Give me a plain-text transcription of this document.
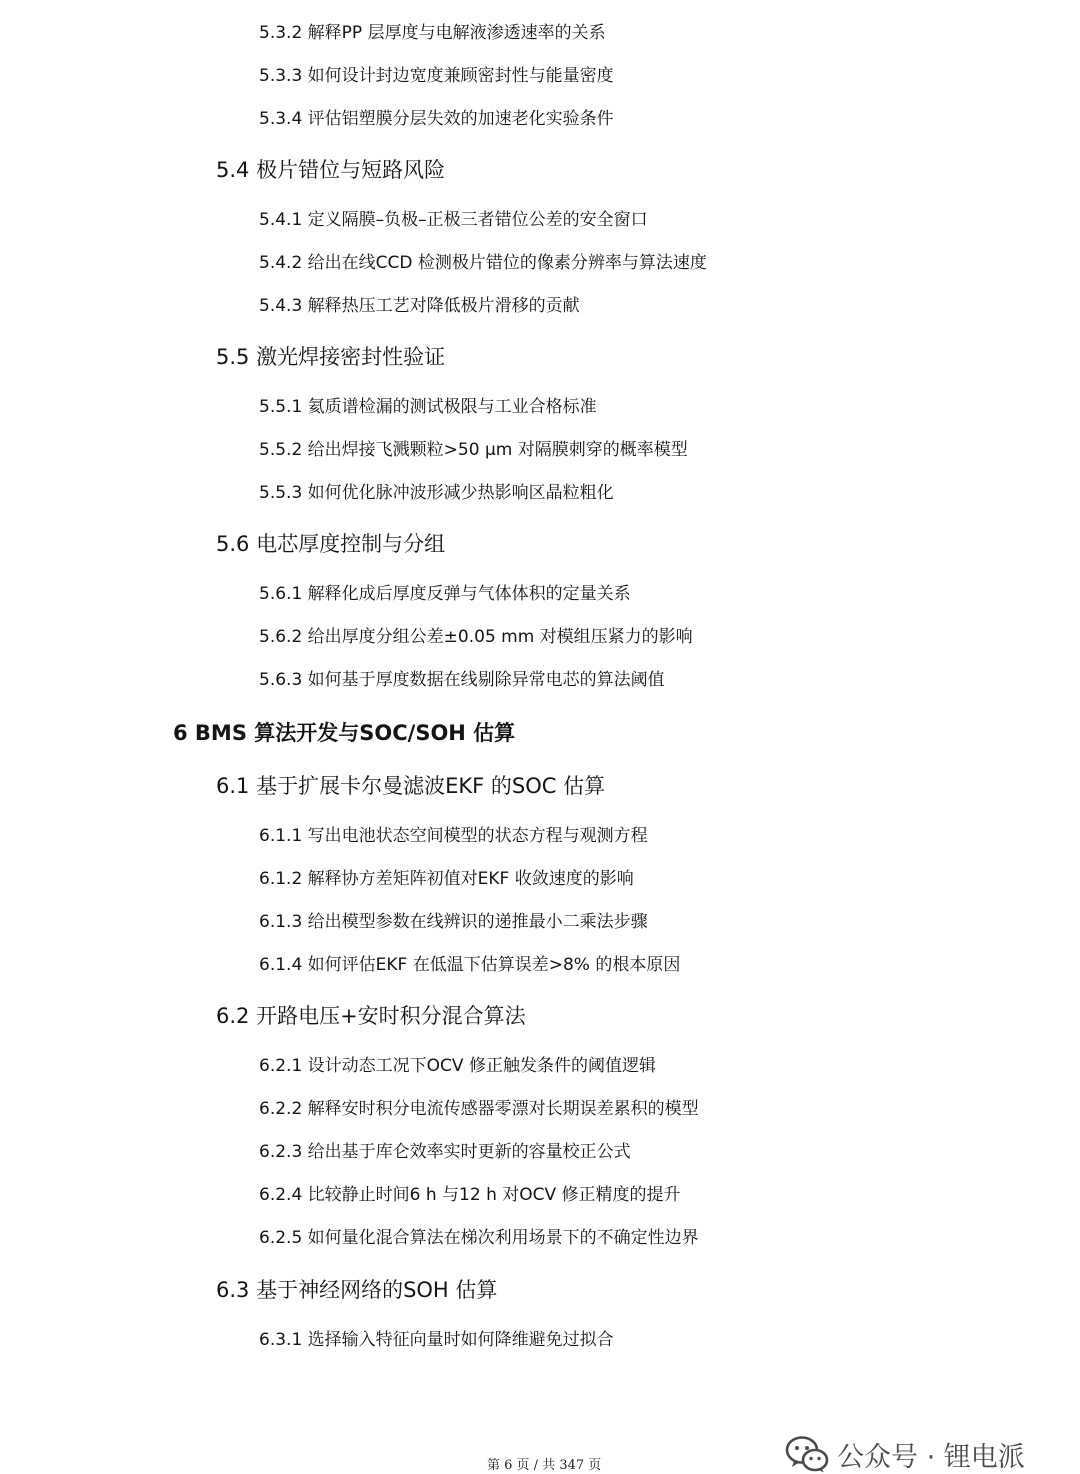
5.3.2 解释PP 层厚度与电解液渗透速率的关系
5.3.3 如何设计封边宽度兼顾密封性与能量密度
5.3.4 评估铝塑膜分层失效的加速老化实验条件
5.4 极片错位与短路风险
5.4.1 定义隔膜–负极–正极三者错位公差的安全窗口
5.4.2 给出在线CCD 检测极片错位的像素分辨率与算法速度
5.4.3 解释热压工艺对降低极片滑移的贡献
5.5 激光焊接密封性验证
5.5.1 氦质谱检漏的测试极限与工业合格标准
5.5.2 给出焊接飞溅颗粒>50 μm 对隔膜刺穿的概率模型
5.5.3 如何优化脉冲波形减少热影响区晶粒粗化
5.6 电芯厚度控制与分组
5.6.1 解释化成后厚度反弹与气体体积的定量关系
5.6.2 给出厚度分组公差±0.05 mm 对模组压紧力的影响
5.6.3 如何基于厚度数据在线剔除异常电芯的算法阈值
6 BMS 算法开发与SOC/SOH 估算
6.1 基于扩展卡尔曼滤波EKF 的SOC 估算
6.1.1 写出电池状态空间模型的状态方程与观测方程
6.1.2 解释协方差矩阵初值对EKF 收敛速度的影响
6.1.3 给出模型参数在线辨识的递推最小二乘法步骤
6.1.4 如何评估EKF 在低温下估算误差>8% 的根本原因
6.2 开路电压+安时积分混合算法
6.2.1 设计动态工况下OCV 修正触发条件的阈值逻辑
6.2.2 解释安时积分电流传感器零漂对长期误差累积的模型
6.2.3 给出基于库仑效率实时更新的容量校正公式
6.2.4 比较静止时间6 h 与12 h 对OCV 修正精度的提升
6.2.5 如何量化混合算法在梯次利用场景下的不确定性边界
6.3 基于神经网络的SOH 估算
6.3.1 选择输入特征向量时如何降维避免过拟合
第 6 页 / 共 347 页	公众号 · 锂电派
